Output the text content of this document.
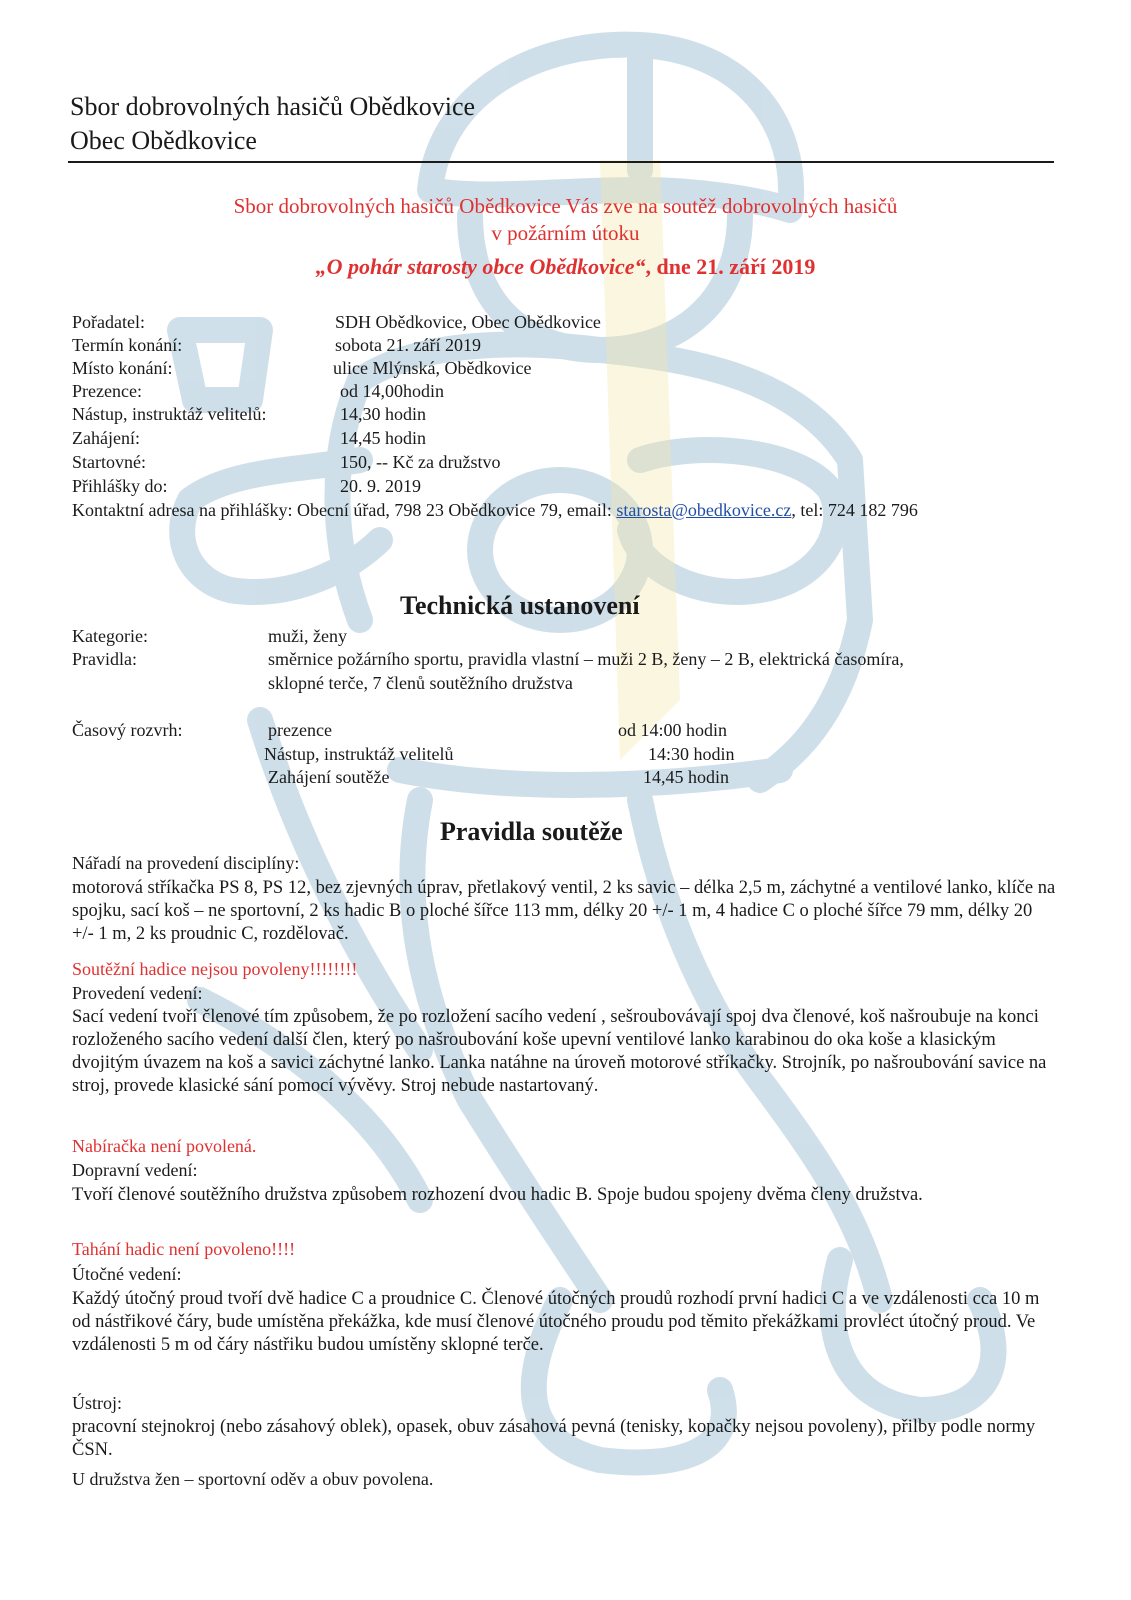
Sbor dobrovolných hasičů Obědkovice
Obec Obědkovice
Sbor dobrovolných hasičů Obědkovice Vás zve na soutěž dobrovolných hasičů
v požárním útoku
„O pohár starosty obce Obědkovice“, dne 21. září 2019
Pořadatel:	SDH Obědkovice, Obec Obědkovice
Termín konání:	sobota 21. září 2019
Místo konání:	ulice Mlýnská, Obědkovice
Prezence:	od 14,00hodin
Nástup, instruktáž velitelů:	14,30 hodin
Zahájení:	14,45 hodin
Startovné:	150, -- Kč za družstvo
Přihlášky do:	20. 9. 2019
Kontaktní adresa na přihlášky: Obecní úřad, 798 23 Obědkovice 79, email: starosta@obedkovice.cz, tel: 724 182 796
Technická ustanovení
Kategorie:	muži, ženy
Pravidla:	směrnice požárního sportu, pravidla vlastní – muži 2 B, ženy – 2 B, elektrická časomíra,
sklopné terče, 7 členů soutěžního družstva
Časový rozvrh:	prezence	od 14:00 hodin
Nástup, instruktáž velitelů	14:30 hodin
Zahájení soutěže	14,45 hodin
Pravidla soutěže
Nářadí na provedení disciplíny:
motorová stříkačka PS 8, PS 12, bez zjevných úprav, přetlakový ventil, 2 ks savic – délka 2,5 m, záchytné a ventilové lanko, klíče na spojku, sací koš – ne sportovní, 2 ks hadic B o ploché šířce 113 mm, délky 20 +/- 1 m, 4 hadice C o ploché šířce 79 mm, délky 20 +/- 1 m, 2 ks proudnic C, rozdělovač.
Soutěžní hadice nejsou povoleny!!!!!!!!
Provedení vedení:
Sací vedení tvoří členové tím způsobem, že po rozložení sacího vedení , sešroubovávají spoj dva členové, koš našroubuje na konci rozloženého sacího vedení další člen, který po našroubování koše upevní ventilové lanko karabinou do oka koše a klasickým dvojitým úvazem na koš a savici záchytné lanko. Lanka natáhne na úroveň motorové stříkačky. Strojník, po našroubování savice na stroj, provede klasické sání pomocí vývěvy. Stroj nebude nastartovaný.
Nabíračka není povolená.
Dopravní vedení:
Tvoří členové soutěžního družstva způsobem rozhození dvou hadic B. Spoje budou spojeny dvěma členy družstva.
Tahání hadic není povoleno!!!!
Útočné vedení:
Každý útočný proud tvoří dvě hadice C a proudnice C. Členové útočných proudů rozhodí první hadici C a ve vzdálenosti cca 10 m od nástřikové čáry, bude umístěna překážka, kde musí členové útočného proudu pod těmito překážkami provléct útočný proud. Ve vzdálenosti 5 m od čáry nástřiku budou umístěny sklopné terče.
Ústroj:
pracovní stejnokroj (nebo zásahový oblek), opasek, obuv zásahová pevná (tenisky, kopačky nejsou povoleny), přilby podle normy ČSN.
U družstva žen – sportovní oděv a obuv povolena.
